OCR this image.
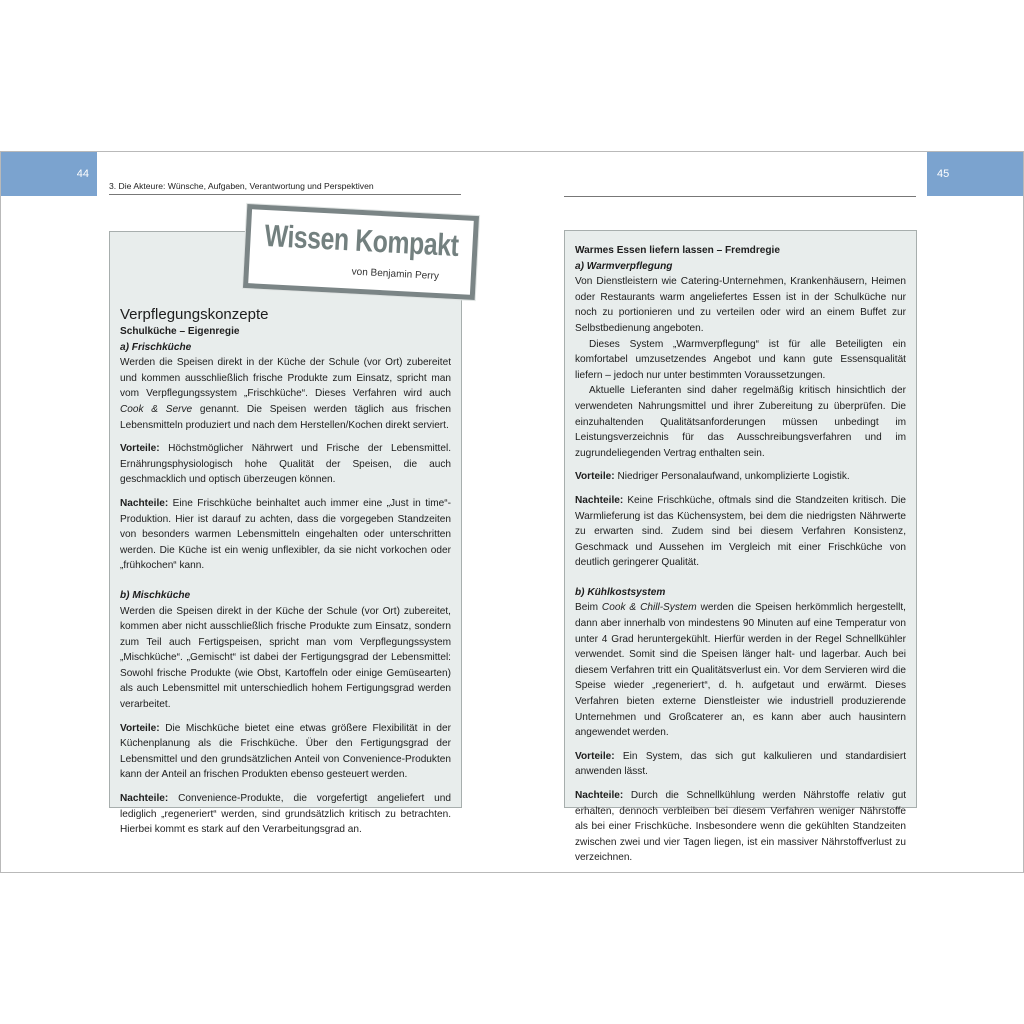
44
3. Die Akteure: Wünsche, Aufgaben, Verantwortung und Perspektiven
45

Verpflegungskonzepte

Schulküche – Eigenregie

a) Frischküche

Werden die Speisen direkt in der Küche der Schule (vor Ort) zubereitet und kommen ausschließlich frische Produkte zum Einsatz, spricht man vom Verpflegungssystem „Frischküche“. Dieses Verfahren wird auch Cook & Serve genannt. Die Speisen werden täglich aus frischen Lebensmitteln produziert und nach dem Herstellen/Kochen direkt serviert.

Vorteile: Höchstmöglicher Nährwert und Frische der Lebensmittel. Ernährungsphysiologisch hohe Qualität der Speisen, die auch geschmacklich und optisch überzeugen können.

Nachteile: Eine Frischküche beinhaltet auch immer eine „Just in time“-Produktion. Hier ist darauf zu achten, dass die vorgegeben Standzeiten von besonders warmen Lebensmitteln eingehalten oder unterschritten werden. Die Küche ist ein wenig unflexibler, da sie nicht vorkochen oder „frühkochen“ kann.

b) Mischküche

Werden die Speisen direkt in der Küche der Schule (vor Ort) zubereitet, kommen aber nicht ausschließlich frische Produkte zum Einsatz, sondern zum Teil auch Fertigspeisen, spricht man vom Verpflegungssystem „Mischküche“. „Gemischt“ ist dabei der Fertigungsgrad der Lebensmittel: Sowohl frische Produkte (wie Obst, Kartoffeln oder einige Gemüsearten) als auch Lebensmittel mit unterschiedlich hohem Fertigungsgrad werden verarbeitet.

Vorteile: Die Mischküche bietet eine etwas größere Flexibilität in der Küchenplanung als die Frischküche. Über den Fertigungsgrad der Lebensmittel und den grundsätzlichen Anteil von Convenience-Produkten kann der Anteil an frischen Produkten ebenso gesteuert werden.

Nachteile: Convenience-Produkte, die vorgefertigt angeliefert und lediglich „regeneriert“ werden, sind grundsätzlich kritisch zu betrachten. Hierbei kommt es stark auf den Verarbeitungsgrad an.

Wissen Kompakt
von Benjamin Perry

Warmes Essen liefern lassen – Fremdregie

a) Warmverpflegung

Von Dienstleistern wie Catering-Unternehmen, Krankenhäusern, Heimen oder Restaurants warm angeliefertes Essen ist in der Schulküche nur noch zu portionieren und zu verteilen oder wird an einem Buffet zur Selbstbedienung angeboten.

Dieses System „Warmverpflegung“ ist für alle Beteiligten ein komfortabel umzusetzendes Angebot und kann gute Essensqualität liefern – jedoch nur unter bestimmten Voraussetzungen.

Aktuelle Lieferanten sind daher regelmäßig kritisch hinsichtlich der verwendeten Nahrungsmittel und ihrer Zubereitung zu überprüfen. Die einzuhaltenden Qualitätsanforderungen müssen unbedingt im Leistungsverzeichnis für das Ausschreibungsverfahren und im zugrundeliegenden Vertrag enthalten sein.

Vorteile: Niedriger Personalaufwand, unkomplizierte Logistik.

Nachteile: Keine Frischküche, oftmals sind die Standzeiten kritisch. Die Warmlieferung ist das Küchensystem, bei dem die niedrigsten Nährwerte zu erwarten sind. Zudem sind bei diesem Verfahren Konsistenz, Geschmack und Aussehen im Vergleich mit einer Frischküche von deutlich geringerer Qualität.

b) Kühlkostsystem

Beim Cook & Chill-System werden die Speisen herkömmlich hergestellt, dann aber innerhalb von mindestens 90 Minuten auf eine Temperatur von unter 4 Grad heruntergekühlt. Hierfür werden in der Regel Schnellkühler verwendet. Somit sind die Speisen länger halt- und lagerbar. Auch bei diesem Verfahren tritt ein Qualitätsverlust ein. Vor dem Servieren wird die Speise wieder „regeneriert“, d. h. aufgetaut und erwärmt. Dieses Verfahren bieten externe Dienstleister wie industriell produzierende Unternehmen und Großcaterer an, es kann aber auch hausintern angewendet werden.

Vorteile: Ein System, das sich gut kalkulieren und standardisiert anwenden lässt.

Nachteile: Durch die Schnellkühlung werden Nährstoffe relativ gut erhalten, dennoch verbleiben bei diesem Verfahren weniger Nährstoffe als bei einer Frischküche. Insbesondere wenn die gekühlten Standzeiten zwischen zwei und vier Tagen liegen, ist ein massiver Nährstoffverlust zu verzeichnen.
